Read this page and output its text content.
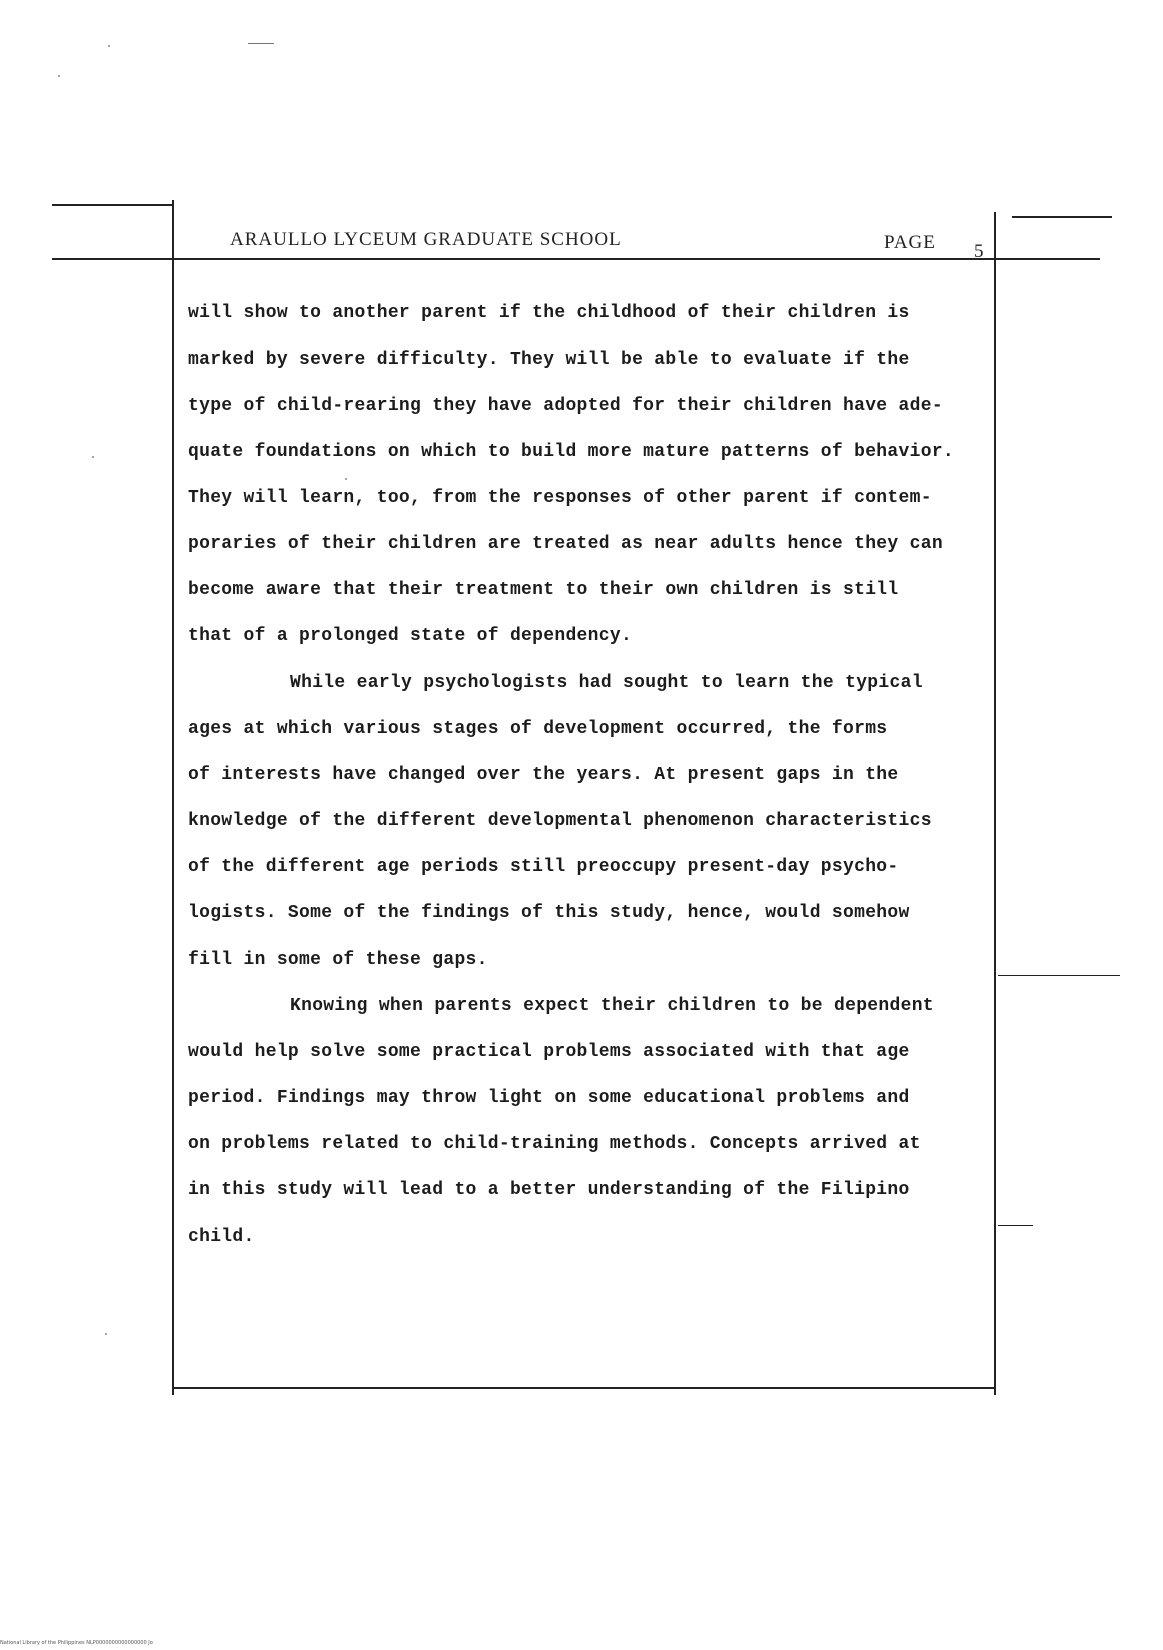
ARAULLO LYCEUM GRADUATE SCHOOL	PAGE 5
will show to another parent if the childhood of their children is
marked by severe difficulty. They will be able to evaluate if the
type of child-rearing they have adopted for their children have ade-
quate foundations on which to build more mature patterns of behavior.
They will learn, too, from the responses of other parent if contem-
poraries of their children are treated as near adults hence they can
become aware that their treatment to their own children is still
that of a prolonged state of dependency.
While early psychologists had sought to learn the typical
ages at which various stages of development occurred, the forms
of interests have changed over the years. At present gaps in the
knowledge of the different developmental phenomenon characteristics
of the different age periods still preoccupy present-day psycho-
logists. Some of the findings of this study, hence, would somehow
fill in some of these gaps.
Knowing when parents expect their children to be dependent
would help solve some practical problems associated with that age
period. Findings may throw light on some educational problems and
on problems related to child-training methods. Concepts arrived at
in this study will lead to a better understanding of the Filipino
child.
National Library of the Philippines NLP0000000000000000 Jo
